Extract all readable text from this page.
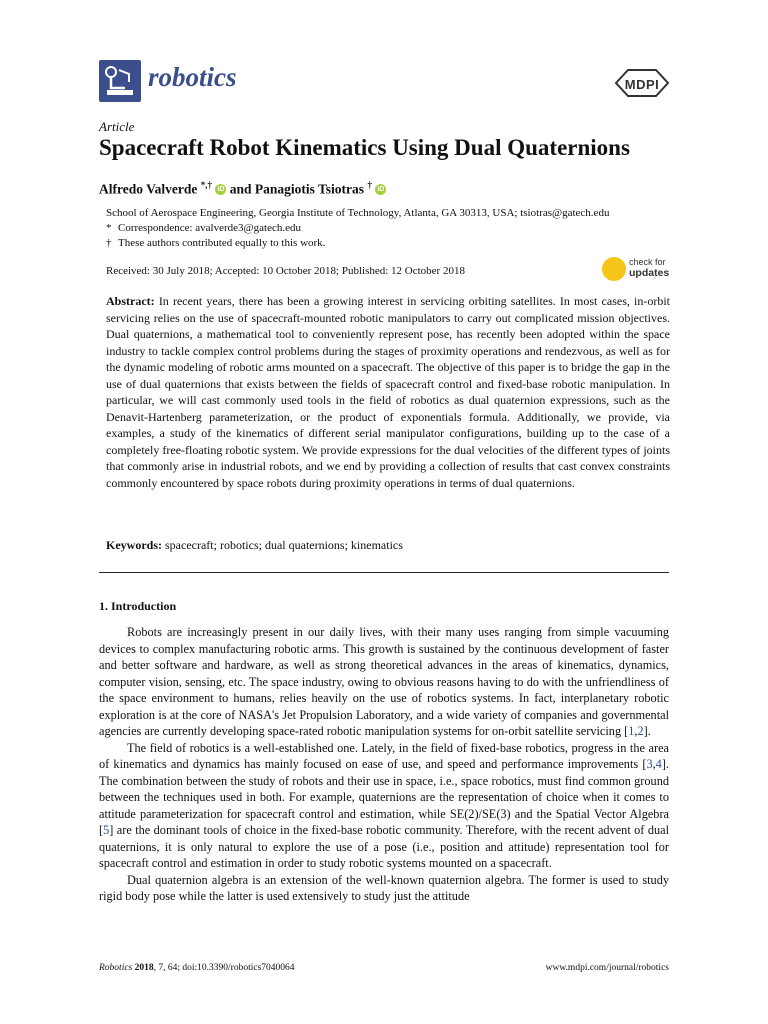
robotics	MDPI
Article
Spacecraft Robot Kinematics Using Dual Quaternions
Alfredo Valverde *,† iD and Panagiotis Tsiotras † iD
School of Aerospace Engineering, Georgia Institute of Technology, Atlanta, GA 30313, USA; tsiotras@gatech.edu
* Correspondence: avalverde3@gatech.edu
† These authors contributed equally to this work.
Received: 30 July 2018; Accepted: 10 October 2018; Published: 12 October 2018
check for
updates
Abstract: In recent years, there has been a growing interest in servicing orbiting satellites. In most cases, in-orbit servicing relies on the use of spacecraft-mounted robotic manipulators to carry out complicated mission objectives. Dual quaternions, a mathematical tool to conveniently represent pose, has recently been adopted within the space industry to tackle complex control problems during the stages of proximity operations and rendezvous, as well as for the dynamic modeling of robotic arms mounted on a spacecraft. The objective of this paper is to bridge the gap in the use of dual quaternions that exists between the fields of spacecraft control and fixed-base robotic manipulation. In particular, we will cast commonly used tools in the field of robotics as dual quaternion expressions, such as the Denavit-Hartenberg parameterization, or the product of exponentials formula. Additionally, we provide, via examples, a study of the kinematics of different serial manipulator configurations, building up to the case of a completely free-floating robotic system. We provide expressions for the dual velocities of the different types of joints that commonly arise in industrial robots, and we end by providing a collection of results that cast convex constraints commonly encountered by space robots during proximity operations in terms of dual quaternions.
Keywords: spacecraft; robotics; dual quaternions; kinematics
1. Introduction

Robots are increasingly present in our daily lives, with their many uses ranging from simple vacuuming devices to complex manufacturing robotic arms. This growth is sustained by the continuous development of faster and better software and hardware, as well as strong theoretical advances in the areas of kinematics, dynamics, computer vision, sensing, etc. The space industry, owing to obvious reasons having to do with the unfriendliness of the space environment to humans, relies heavily on the use of robotics systems. In fact, interplanetary robotic exploration is at the core of NASA's Jet Propulsion Laboratory, and a wide variety of companies and governmental agencies are currently developing space-rated robotic manipulation systems for on-orbit satellite servicing [1,2].

The field of robotics is a well-established one. Lately, in the field of fixed-base robotics, progress in the area of kinematics and dynamics has mainly focused on ease of use, and speed and performance improvements [3,4]. The combination between the study of robots and their use in space, i.e., space robotics, must find common ground between the techniques used in both. For example, quaternions are the representation of choice when it comes to attitude parameterization for spacecraft control and estimation, while SE(2)/SE(3) and the Spatial Vector Algebra [5] are the dominant tools of choice in the fixed-base robotic community. Therefore, with the recent advent of dual quaternions, it is only natural to explore the use of a pose (i.e., position and attitude) representation tool for spacecraft control and estimation in order to study robotic systems mounted on a spacecraft.

Dual quaternion algebra is an extension of the well-known quaternion algebra. The former is used to study rigid body pose while the latter is used extensively to study just the attitude

Robotics 2018, 7, 64; doi:10.3390/robotics7040064	www.mdpi.com/journal/robotics
